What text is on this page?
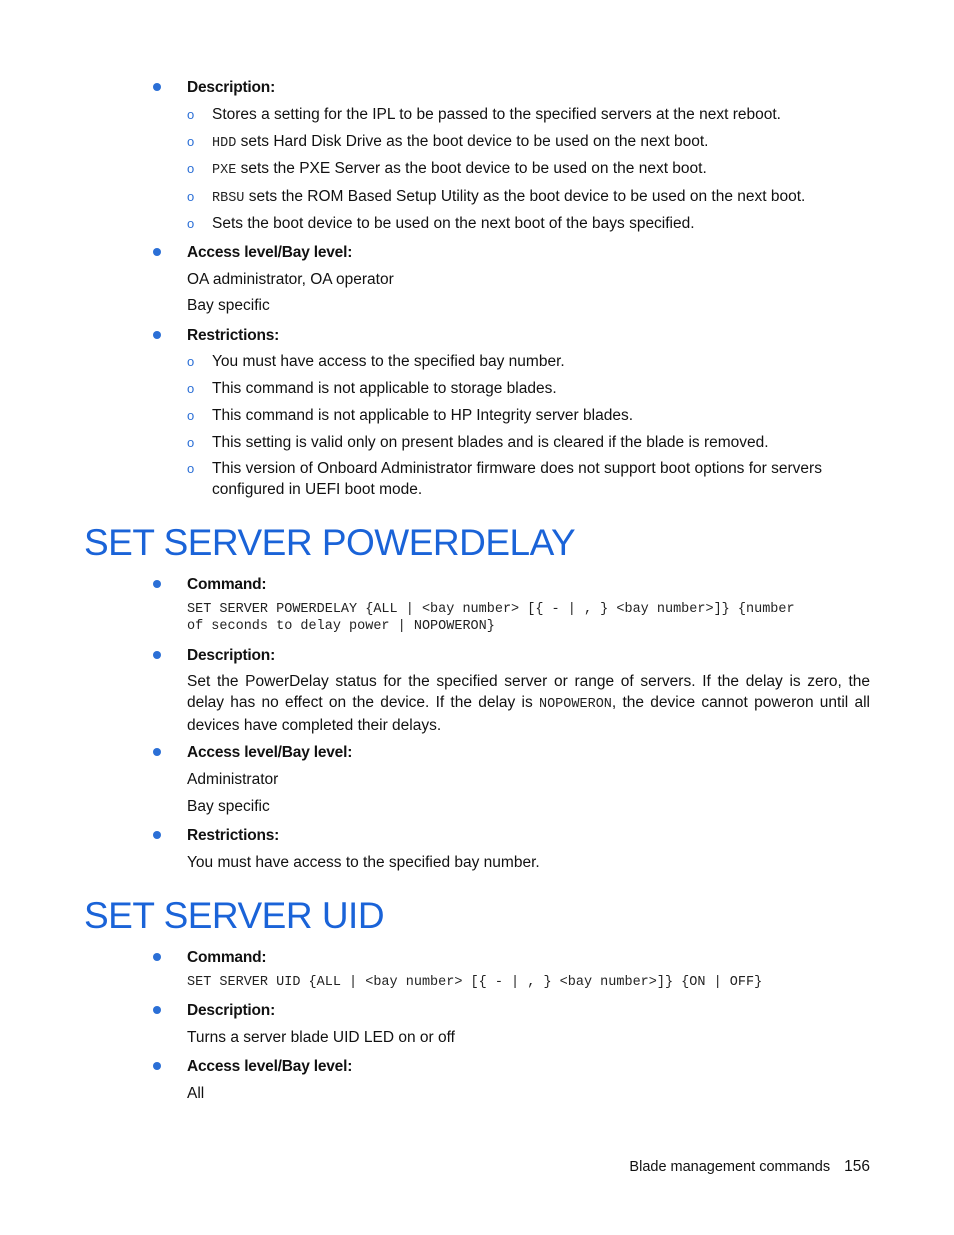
Description:
o Stores a setting for the IPL to be passed to the specified servers at the next reboot.
o HDD sets Hard Disk Drive as the boot device to be used on the next boot.
o PXE sets the PXE Server as the boot device to be used on the next boot.
o RBSU sets the ROM Based Setup Utility as the boot device to be used on the next boot.
o Sets the boot device to be used on the next boot of the bays specified.
Access level/Bay level:
OA administrator, OA operator
Bay specific
Restrictions:
o You must have access to the specified bay number.
o This command is not applicable to storage blades.
o This command is not applicable to HP Integrity server blades.
o This setting is valid only on present blades and is cleared if the blade is removed.
o This version of Onboard Administrator firmware does not support boot options for servers
configured in UEFI boot mode.
SET SERVER POWERDELAY
Command:
SET SERVER POWERDELAY {ALL | <bay number> [{ - | , } <bay number>]} {number
of seconds to delay power | NOPOWERON}
Description:
Set the PowerDelay status for the specified server or range of servers. If the delay is zero, the delay has no effect on the device. If the delay is NOPOWERON, the device cannot poweron until all devices have completed their delays.
Access level/Bay level:
Administrator
Bay specific
Restrictions:
You must have access to the specified bay number.
SET SERVER UID
Command:
SET SERVER UID {ALL | <bay number> [{ - | , } <bay number>]} {ON | OFF}
Description:
Turns a server blade UID LED on or off
Access level/Bay level:
All
Blade management commands 156
